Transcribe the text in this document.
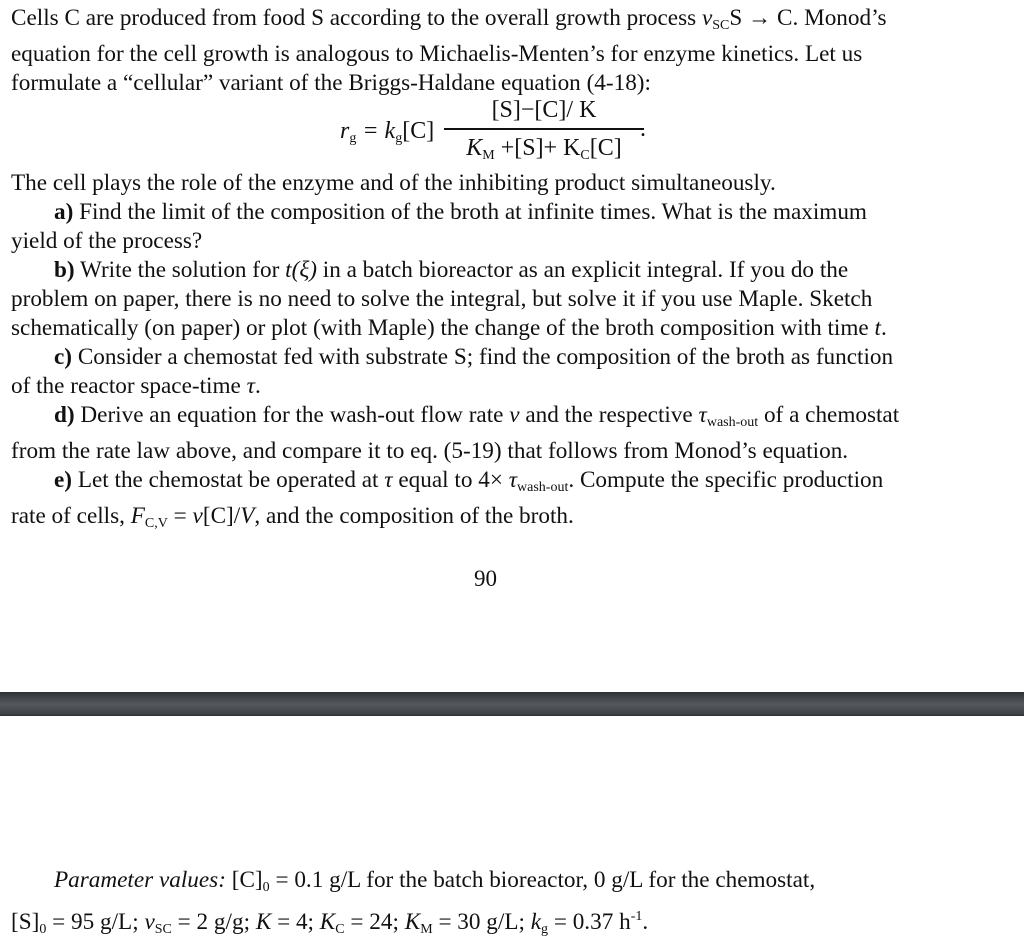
Cells C are produced from food S according to the overall growth process $\nu_{SC}S \to C$. Monod’s
equation for the cell growth is analogous to Michaelis-Menten’s for enzyme kinetics. Let us
formulate a “cellular” variant of the Briggs-Haldane equation (4-18):
$r_g = k_g[C]$
[S]−[C]/ K
$K_M +[S]+ K_C[C]$
.
The cell plays the role of the enzyme and of the inhibiting product simultaneously.
a) Find the limit of the composition of the broth at infinite times. What is the maximum
yield of the process?
b) Write the solution for t(ξ) in a batch bioreactor as an explicit integral. If you do the
problem on paper, there is no need to solve the integral, but solve it if you use Maple. Sketch
schematically (on paper) or plot (with Maple) the change of the broth composition with time t.
c) Consider a chemostat fed with substrate S; find the composition of the broth as function
of the reactor space-time τ.
d) Derive an equation for the wash-out flow rate v and the respective $\tau_{wash-out}$ of a chemostat
from the rate law above, and compare it to eq. (5-19) that follows from Monod’s equation.
e) Let the chemostat be operated at τ equal to $4\times \tau_{wash-out}$. Compute the specific production
rate of cells, $F_{C,V} = v[C]/V$, and the composition of the broth.
90
Parameter values: $[C]_0 = 0.1$ g/L for the batch bioreactor, 0 g/L for the chemostat,
$[S]_0 = 95$ g/L; $\nu_{SC} = 2$ g/g; K = 4; $K_C = 24$; $K_M = 30$ g/L; $k_g = 0.37$ $h^{-1}$.
